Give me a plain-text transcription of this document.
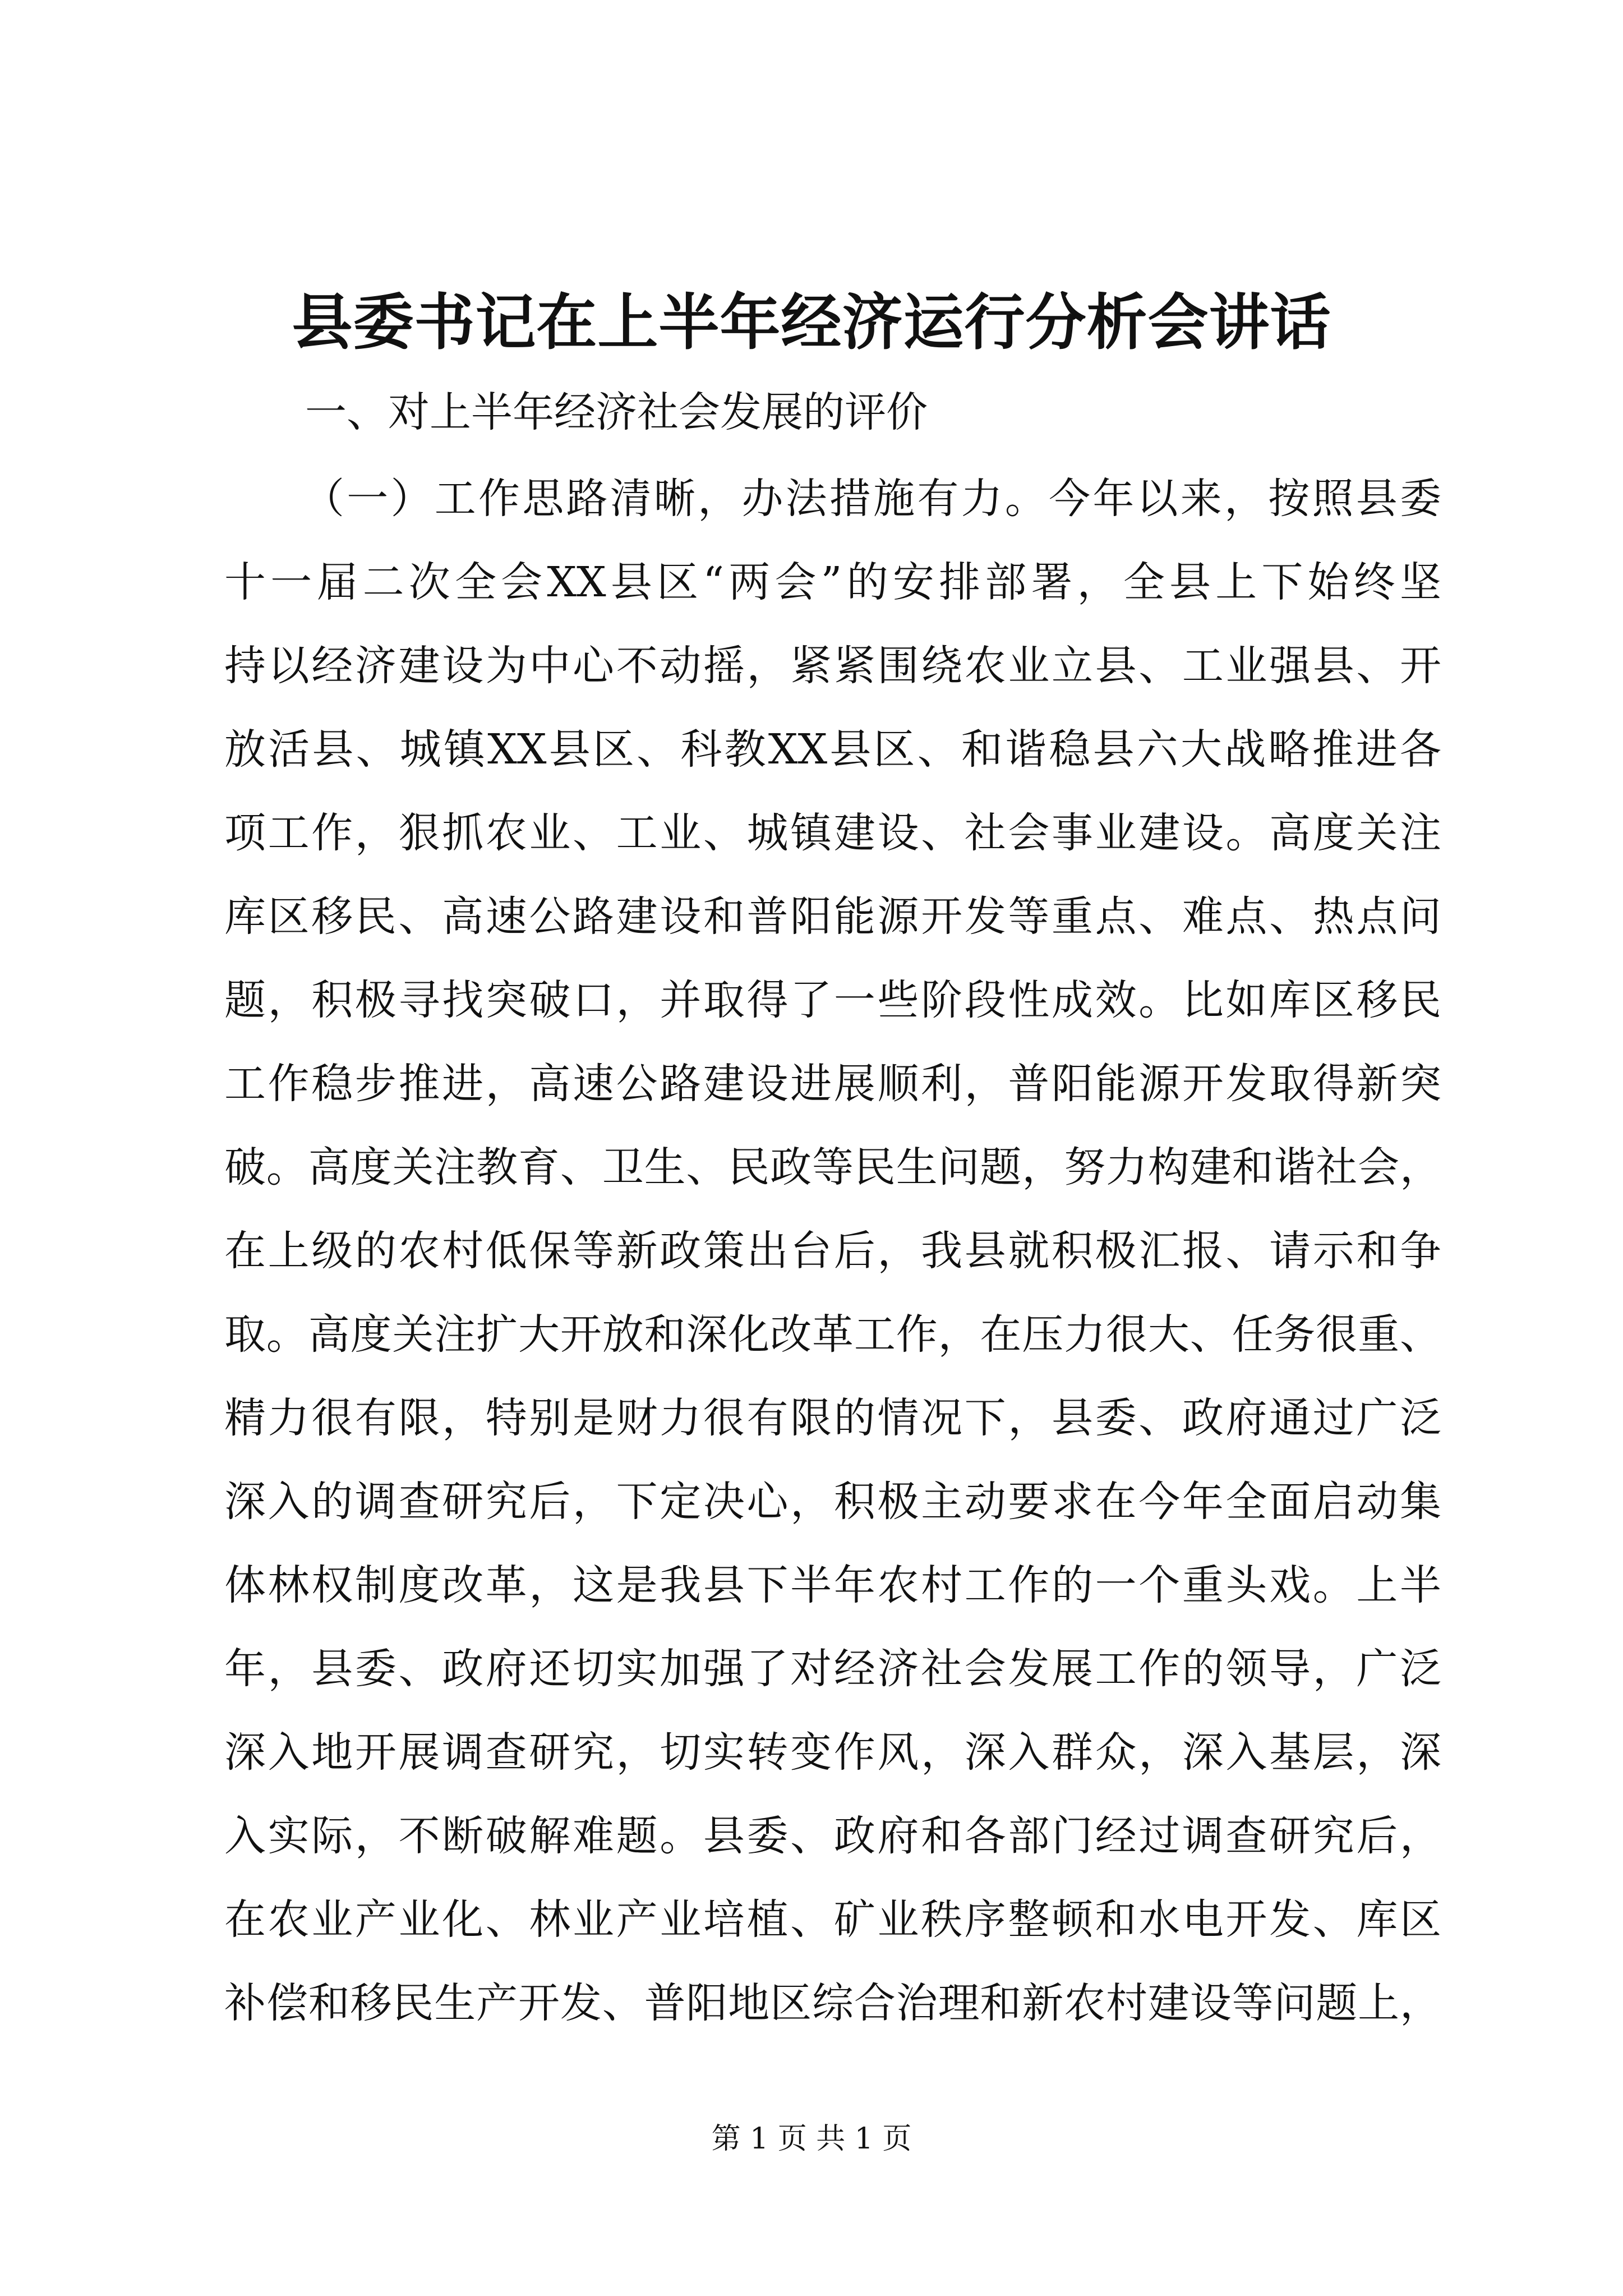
县委书记在上半年经济运行分析会讲话

一、对上半年经济社会发展的评价

（一）工作思路清晰，办法措施有力。今年以来，按照县委
十一届二次全会XX县区“两会”的安排部署，全县上下始终坚
持以经济建设为中心不动摇，紧紧围绕农业立县、工业强县、开
放活县、城镇XX县区、科教XX县区、和谐稳县六大战略推进各
项工作，狠抓农业、工业、城镇建设、社会事业建设。高度关注
库区移民、高速公路建设和普阳能源开发等重点、难点、热点问
题，积极寻找突破口，并取得了一些阶段性成效。比如库区移民
工作稳步推进，高速公路建设进展顺利，普阳能源开发取得新突
破。高度关注教育、卫生、民政等民生问题，努力构建和谐社会，
在上级的农村低保等新政策出台后，我县就积极汇报、请示和争
取。高度关注扩大开放和深化改革工作，在压力很大、任务很重、
精力很有限，特别是财力很有限的情况下，县委、政府通过广泛
深入的调查研究后，下定决心，积极主动要求在今年全面启动集
体林权制度改革，这是我县下半年农村工作的一个重头戏。上半
年，县委、政府还切实加强了对经济社会发展工作的领导，广泛
深入地开展调查研究，切实转变作风，深入群众，深入基层，深
入实际，不断破解难题。县委、政府和各部门经过调查研究后，
在农业产业化、林业产业培植、矿业秩序整顿和水电开发、库区
补偿和移民生产开发、普阳地区综合治理和新农村建设等问题上，

第 1 页 共 1 页
